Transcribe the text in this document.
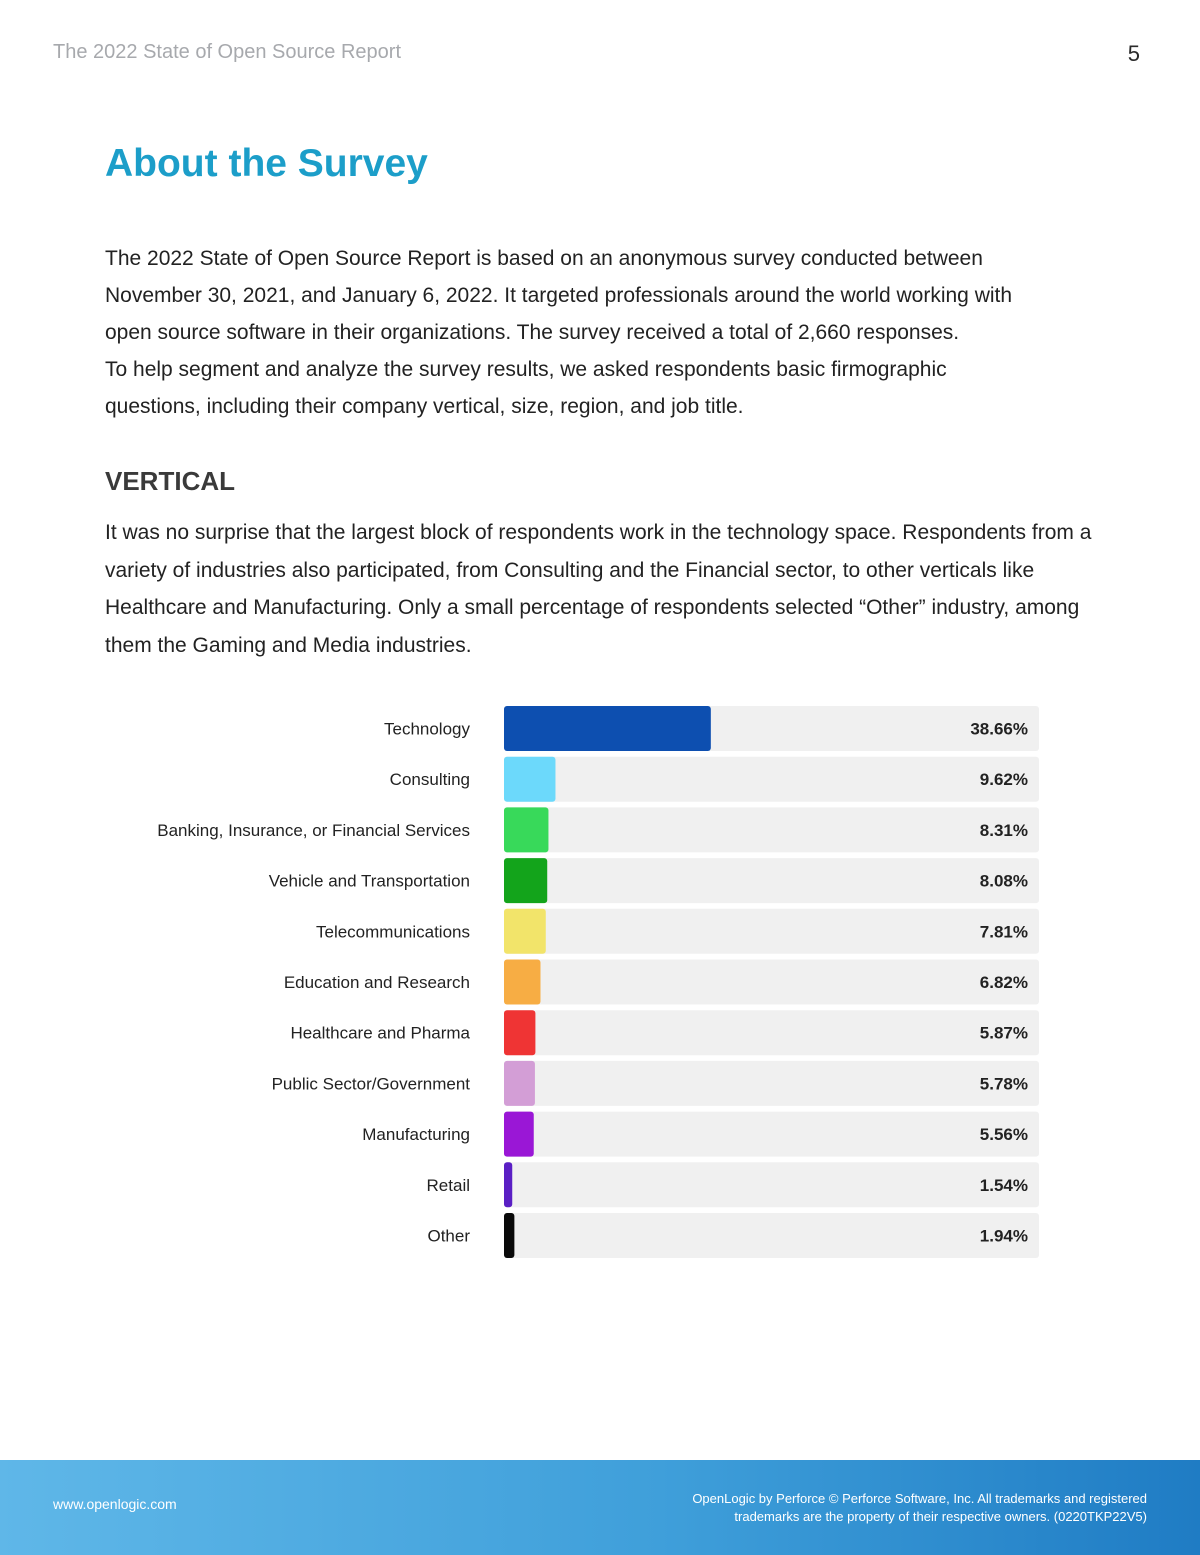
The 2022 State of Open Source Report	5
About the Survey

The 2022 State of Open Source Report is based on an anonymous survey conducted between
November 30, 2021, and January 6, 2022. It targeted professionals around the world working with
open source software in their organizations. The survey received a total of 2,660 responses.
To help segment and analyze the survey results, we asked respondents basic firmographic
questions, including their company vertical, size, region, and job title.

VERTICAL

It was no surprise that the largest block of respondents work in the technology space. Respondents from a variety of industries also participated, from Consulting and the Financial sector, to other verticals like Healthcare and Manufacturing. Only a small percentage of respondents selected “Other” industry, among them the Gaming and Media industries.

Technology	38.66%
Consulting	9.62%
Banking, Insurance, or Financial Services	8.31%
Vehicle and Transportation	8.08%
Telecommunications	7.81%
Education and Research	6.82%
Healthcare and Pharma	5.87%
Public Sector/Government	5.78%
Manufacturing	5.56%
Retail	1.54%
Other	1.94%
www.openlogic.com	OpenLogic by Perforce © Perforce Software, Inc. All trademarks and registered
trademarks are the property of their respective owners. (0220TKP22V5)
